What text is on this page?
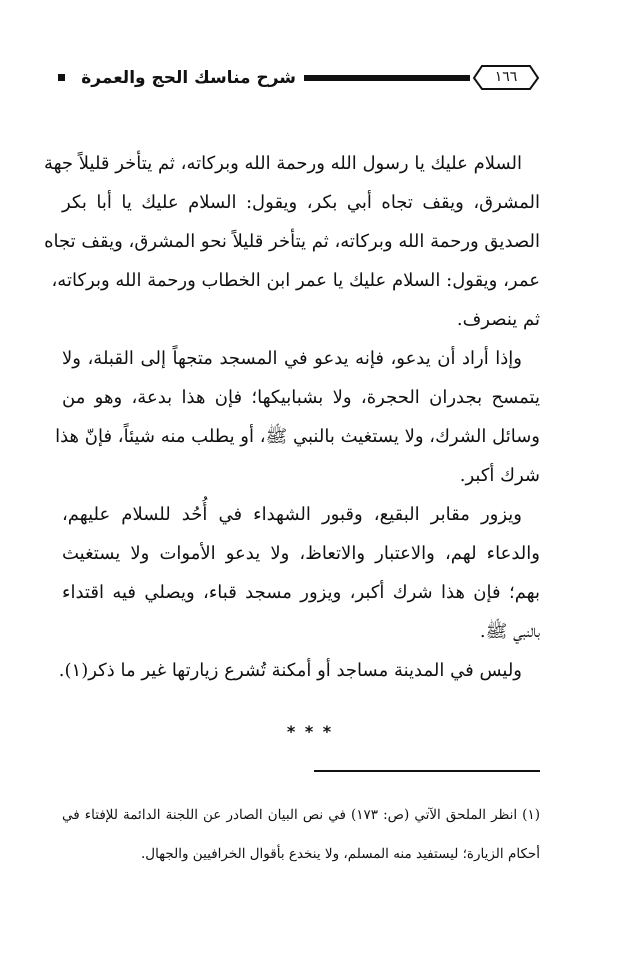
شرح مناسك الحج والعمرة	١٦٦
السلام عليك يا رسول الله ورحمة الله وبركاته، ثم يتأخر قليلاً جهة
المشرق، ويقف تجاه أبي بكر، ويقول: السلام عليك يا أبا بكر
الصديق ورحمة الله وبركاته، ثم يتأخر قليلاً نحو المشرق، ويقف تجاه
عمر، ويقول: السلام عليك يا عمر ابن الخطاب ورحمة الله وبركاته،
ثم ينصرف.
وإذا أراد أن يدعو، فإنه يدعو في المسجد متجهاً إلى القبلة، ولا
يتمسح بجدران الحجرة، ولا بشبابيكها؛ فإن هذا بدعة، وهو من
وسائل الشرك، ولا يستغيث بالنبي ﷺ، أو يطلب منه شيئاً، فإنّ هذا
شرك أكبر.
ويزور مقابر البقيع، وقبور الشهداء في أُحُد للسلام عليهم،
والدعاء لهم، والاعتبار والاتعاظ، ولا يدعو الأموات ولا يستغيث
بهم؛ فإن هذا شرك أكبر، ويزور مسجد قباء، ويصلي فيه اقتداء
بالنبي ﷺ.
وليس في المدينة مساجد أو أمكنة تُشرع زيارتها غير ما ذكر(١).
* * *
(١) انظر الملحق الآتي (ص: ١٧٣) في نص البيان الصادر عن اللجنة الدائمة للإفتاء في
أحكام الزيارة؛ ليستفيد منه المسلم، ولا ينخدع بأقوال الخرافيين والجهال.
